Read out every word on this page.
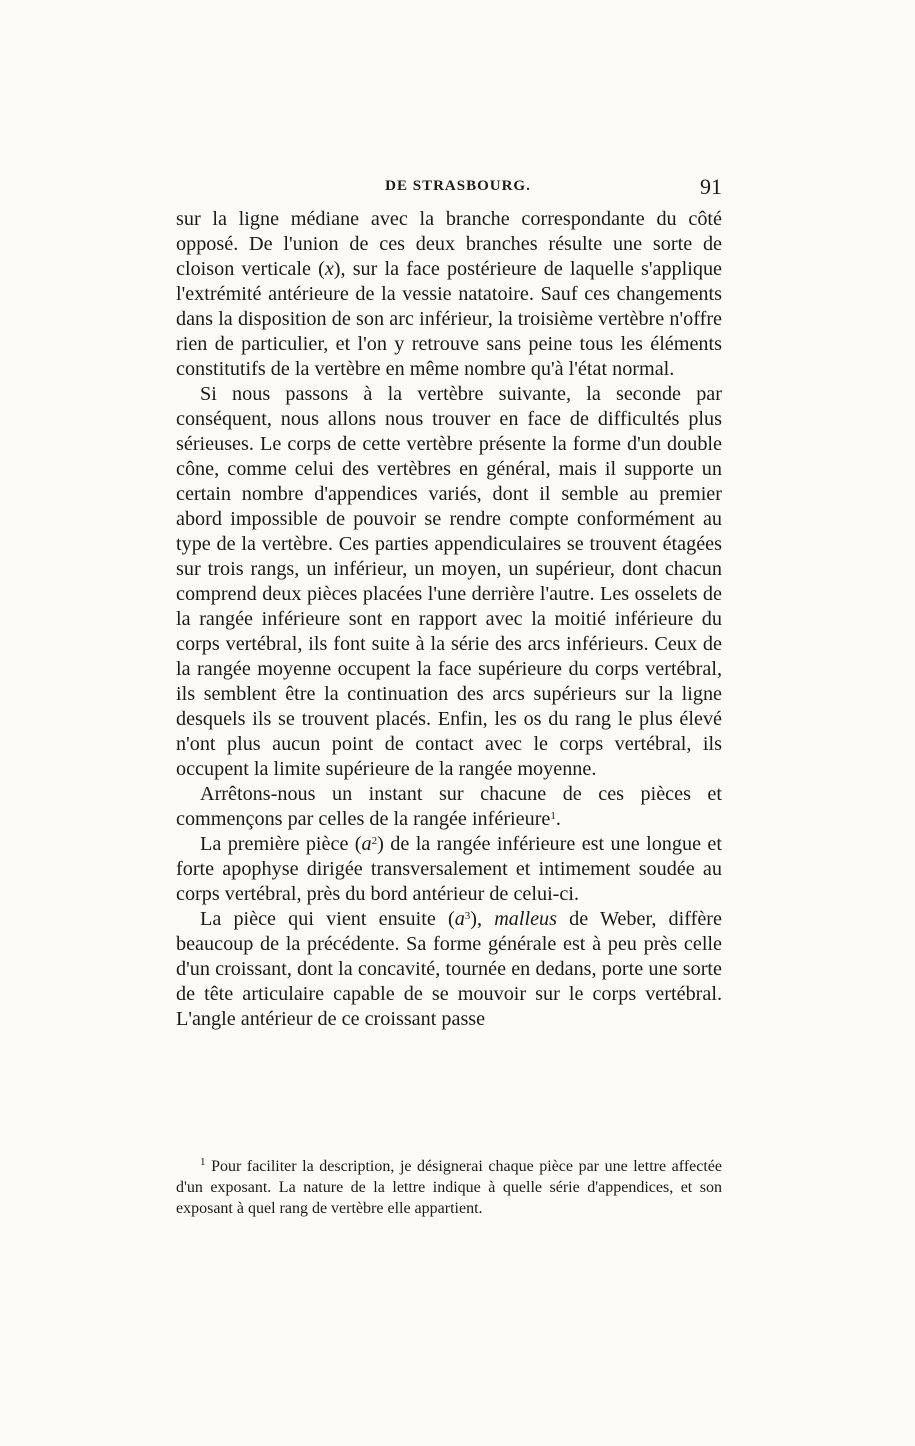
DE STRASBOURG.	91

sur la ligne médiane avec la branche correspondante du côté opposé. De l'union de ces deux branches résulte une sorte de cloison verticale (x), sur la face postérieure de laquelle s'applique l'extrémité antérieure de la vessie natatoire. Sauf ces changements dans la disposition de son arc inférieur, la troisième vertèbre n'offre rien de particulier, et l'on y retrouve sans peine tous les éléments constitutifs de la vertèbre en même nombre qu'à l'état normal.

Si nous passons à la vertèbre suivante, la seconde par conséquent, nous allons nous trouver en face de difficultés plus sérieuses. Le corps de cette vertèbre présente la forme d'un double cône, comme celui des vertèbres en général, mais il supporte un certain nombre d'appendices variés, dont il semble au premier abord impossible de pouvoir se rendre compte conformément au type de la vertèbre. Ces parties appendiculaires se trouvent étagées sur trois rangs, un inférieur, un moyen, un supérieur, dont chacun comprend deux pièces placées l'une derrière l'autre. Les osselets de la rangée inférieure sont en rapport avec la moitié inférieure du corps vertébral, ils font suite à la série des arcs inférieurs. Ceux de la rangée moyenne occupent la face supérieure du corps vertébral, ils semblent être la continuation des arcs supérieurs sur la ligne desquels ils se trouvent placés. Enfin, les os du rang le plus élevé n'ont plus aucun point de contact avec le corps vertébral, ils occupent la limite supérieure de la rangée moyenne.

Arrêtons-nous un instant sur chacune de ces pièces et commençons par celles de la rangée inférieure$^1$.

La première pièce $(a^2)$ de la rangée inférieure est une longue et forte apophyse dirigée transversalement et intimement soudée au corps vertébral, près du bord antérieur de celui-ci.

La pièce qui vient ensuite $(a^3)$, malleus de Weber, diffère beaucoup de la précédente. Sa forme générale est à peu près celle d'un croissant, dont la concavité, tournée en dedans, porte une sorte de tête articulaire capable de se mouvoir sur le corps vertébral. L'angle antérieur de ce croissant passe

$^1$ Pour faciliter la description, je désignerai chaque pièce par une lettre affectée d'un exposant. La nature de la lettre indique à quelle série d'appendices, et son exposant à quel rang de vertèbre elle appartient.
